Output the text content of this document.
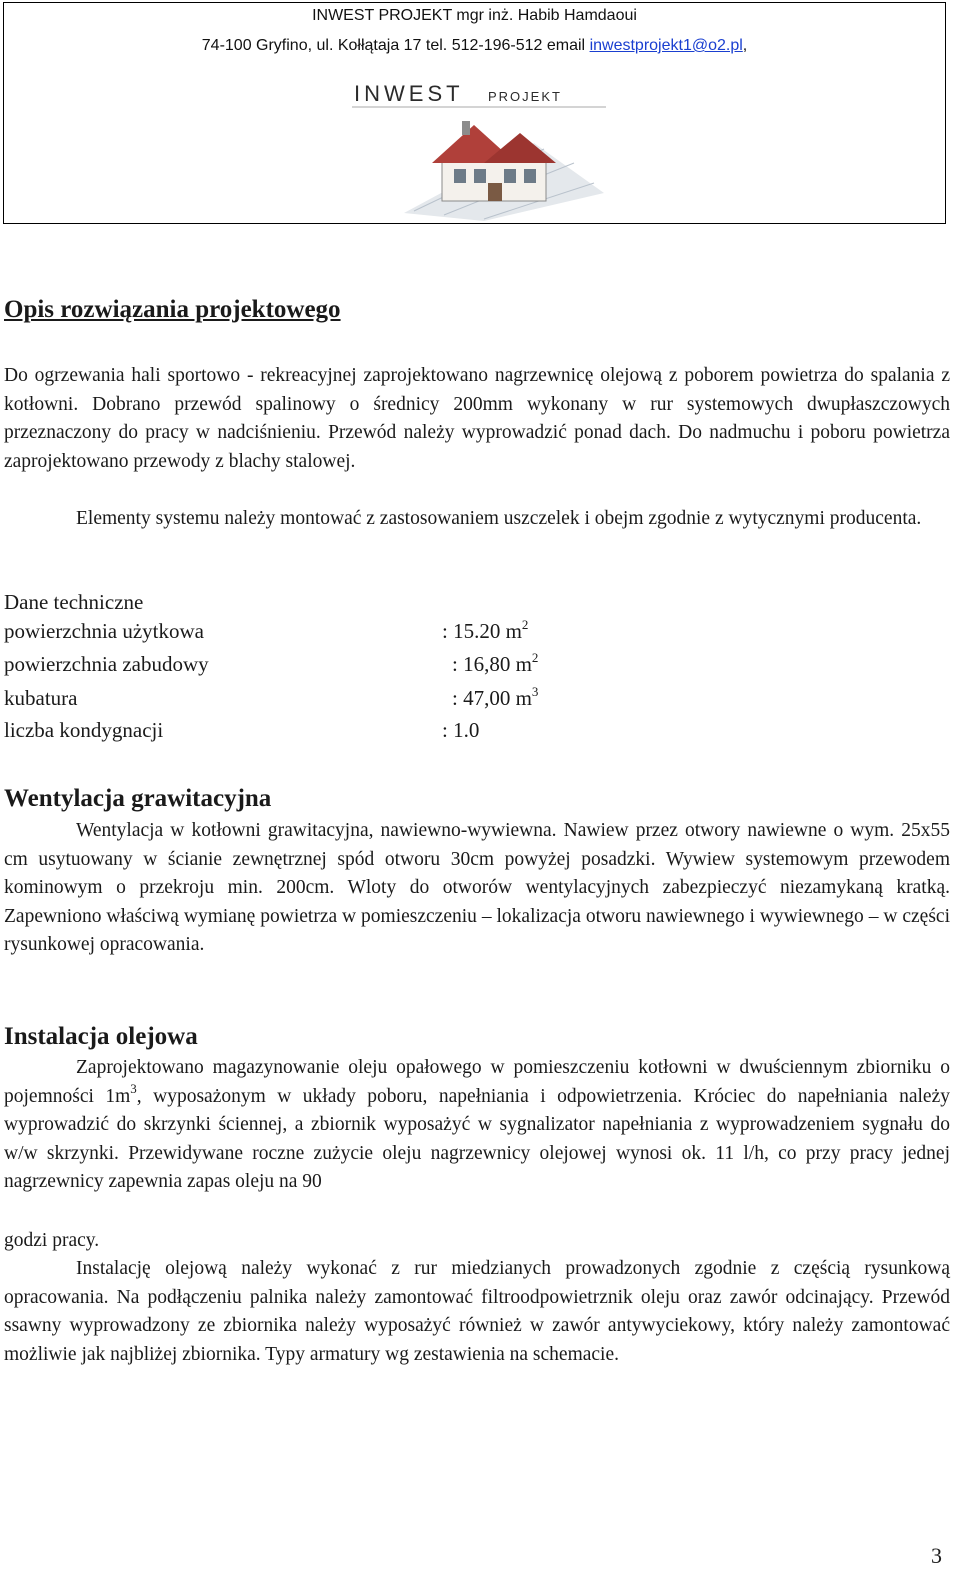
INWEST PROJEKT mgr inż. Habib Hamdaoui
74-100 Gryfino, ul. Kołłątaja 17 tel. 512-196-512 email inwestprojekt1@o2.pl,
INWEST PROJEKT
Opis rozwiązania projektowego
Do ogrzewania hali sportowo - rekreacyjnej zaprojektowano nagrzewnicę olejową z poborem powietrza do spalania z kotłowni. Dobrano przewód spalinowy o średnicy 200mm wykonany w rur systemowych dwupłaszczowych przeznaczony do pracy w nadciśnieniu. Przewód należy wyprowadzić ponad dach. Do nadmuchu i poboru powietrza zaprojektowano przewody z blachy stalowej.
Elementy systemu należy montować z zastosowaniem uszczelek i obejm zgodnie z wytycznymi producenta.
Dane techniczne
powierzchnia użytkowa	: 15.20 $m^2$
powierzchnia zabudowy	: 16,80 $m^2$
kubatura	: 47,00 $m^3$
liczba kondygnacji	: 1.0
Wentylacja grawitacyjna
Wentylacja w kotłowni grawitacyjna, nawiewno-wywiewna. Nawiew przez otwory nawiewne o wym. 25x55 cm usytuowany w ścianie zewnętrznej spód otworu 30cm powyżej posadzki. Wywiew systemowym przewodem kominowym o przekroju min. 200cm. Wloty do otworów wentylacyjnych zabezpieczyć niezamykaną kratką. Zapewniono właściwą wymianę powietrza w pomieszczeniu – lokalizacja otworu nawiewnego i wywiewnego – w części rysunkowej opracowania.
Instalacja olejowa
Zaprojektowano magazynowanie oleju opałowego w pomieszczeniu kotłowni w dwuściennym zbiorniku o pojemności $1m^3$, wyposażonym w układy poboru, napełniania i odpowietrzenia. Króciec do napełniania należy wyprowadzić do skrzynki ściennej, a zbiornik wyposażyć w sygnalizator napełniania z wyprowadzeniem sygnału do w/w skrzynki. Przewidywane roczne zużycie oleju nagrzewnicy olejowej wynosi ok. 11 l/h, co przy pracy jednej nagrzewnicy zapewnia zapas oleju na 90
godzi pracy.
Instalację olejową należy wykonać z rur miedzianych prowadzonych zgodnie z częścią rysunkową opracowania. Na podłączeniu palnika należy zamontować filtroodpowietrznik oleju oraz zawór odcinający. Przewód ssawny wyprowadzony ze zbiornika należy wyposażyć również w zawór antywyciekowy, który należy zamontować możliwie jak najbliżej zbiornika. Typy armatury wg zestawienia na schemacie.
3
